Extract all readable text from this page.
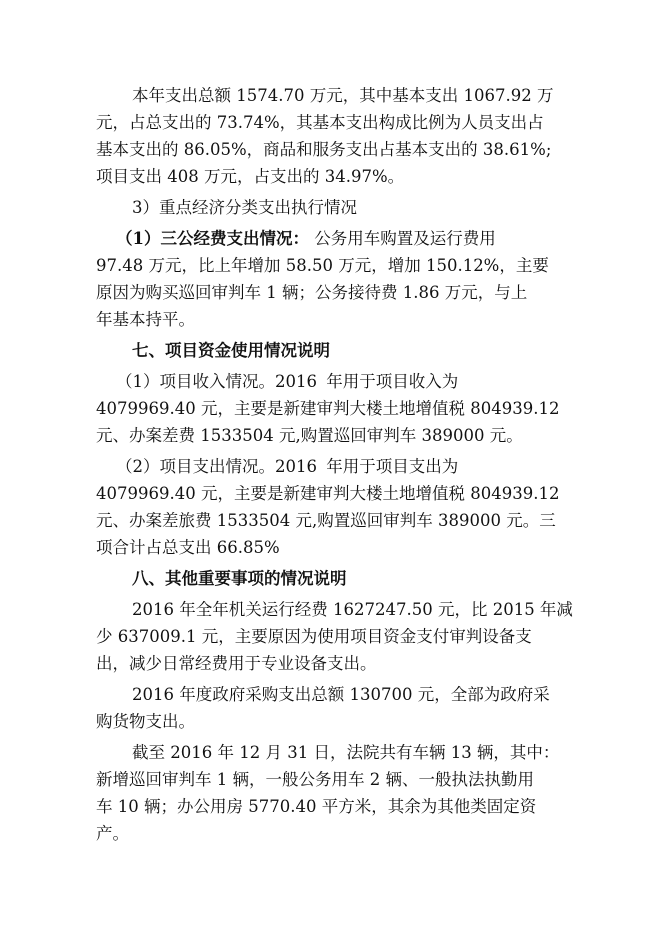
本年支出总额 1574.70 万元，其中基本支出 1067.92 万
元，占总支出的 73.74%，其基本支出构成比例为人员支出占
基本支出的 86.05%，商品和服务支出占基本支出的 38.61%;
项目支出 408 万元，占支出的 34.97%。
3）重点经济分类支出执行情况
（1）三公经费支出情况： 公务用车购置及运行费用
97.48 万元，比上年增加 58.50 万元，增加 150.12%，主要
原因为购买巡回审判车 1 辆；公务接待费 1.86 万元，与上
年基本持平。
七、项目资金使用情况说明
（1）项目收入情况。2016 年用于项目收入为
4079969.40 元，主要是新建审判大楼土地增值税 804939.12
元、办案差费 1533504 元,购置巡回审判车 389000 元。
（2）项目支出情况。2016 年用于项目支出为
4079969.40 元，主要是新建审判大楼土地增值税 804939.12
元、办案差旅费 1533504 元,购置巡回审判车 389000 元。三
项合计占总支出 66.85%
八、其他重要事项的情况说明
2016 年全年机关运行经费 1627247.50 元，比 2015 年减
少 637009.1 元，主要原因为使用项目资金支付审判设备支
出，减少日常经费用于专业设备支出。
2016 年度政府采购支出总额 130700 元，全部为政府采
购货物支出。
截至 2016 年 12 月 31 日，法院共有车辆 13 辆，其中：
新增巡回审判车 1 辆，一般公务用车 2 辆、一般执法执勤用
车 10 辆；办公用房 5770.40 平方米，其余为其他类固定资
产。
